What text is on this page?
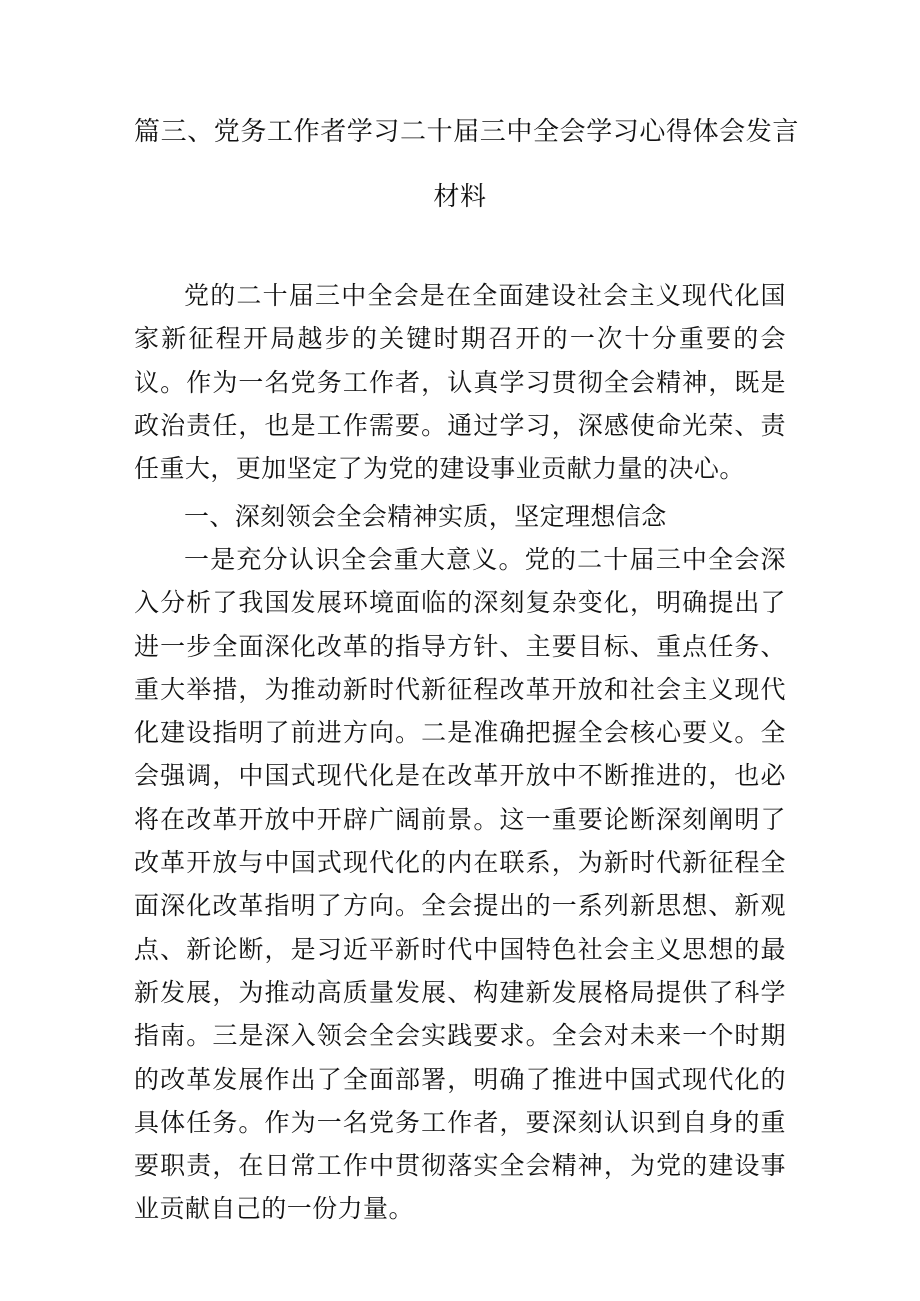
篇三、党务工作者学习二十届三中全会学习心得体会发言
材料

党的二十届三中全会是在全面建设社会主义现代化国家新征程开局越步的关键时期召开的一次十分重要的会议。作为一名党务工作者，认真学习贯彻全会精神，既是政治责任，也是工作需要。通过学习，深感使命光荣、责任重大，更加坚定了为党的建设事业贡献力量的决心。

一、深刻领会全会精神实质，坚定理想信念

一是充分认识全会重大意义。党的二十届三中全会深入分析了我国发展环境面临的深刻复杂变化，明确提出了进一步全面深化改革的指导方针、主要目标、重点任务、重大举措，为推动新时代新征程改革开放和社会主义现代化建设指明了前进方向。二是准确把握全会核心要义。全会强调，中国式现代化是在改革开放中不断推进的，也必将在改革开放中开辟广阔前景。这一重要论断深刻阐明了改革开放与中国式现代化的内在联系，为新时代新征程全面深化改革指明了方向。全会提出的一系列新思想、新观点、新论断，是习近平新时代中国特色社会主义思想的最新发展，为推动高质量发展、构建新发展格局提供了科学指南。三是深入领会全会实践要求。全会对未来一个时期的改革发展作出了全面部署，明确了推进中国式现代化的具体任务。作为一名党务工作者，要深刻认识到自身的重要职责，在日常工作中贯彻落实全会精神，为党的建设事业贡献自己的一份力量。
